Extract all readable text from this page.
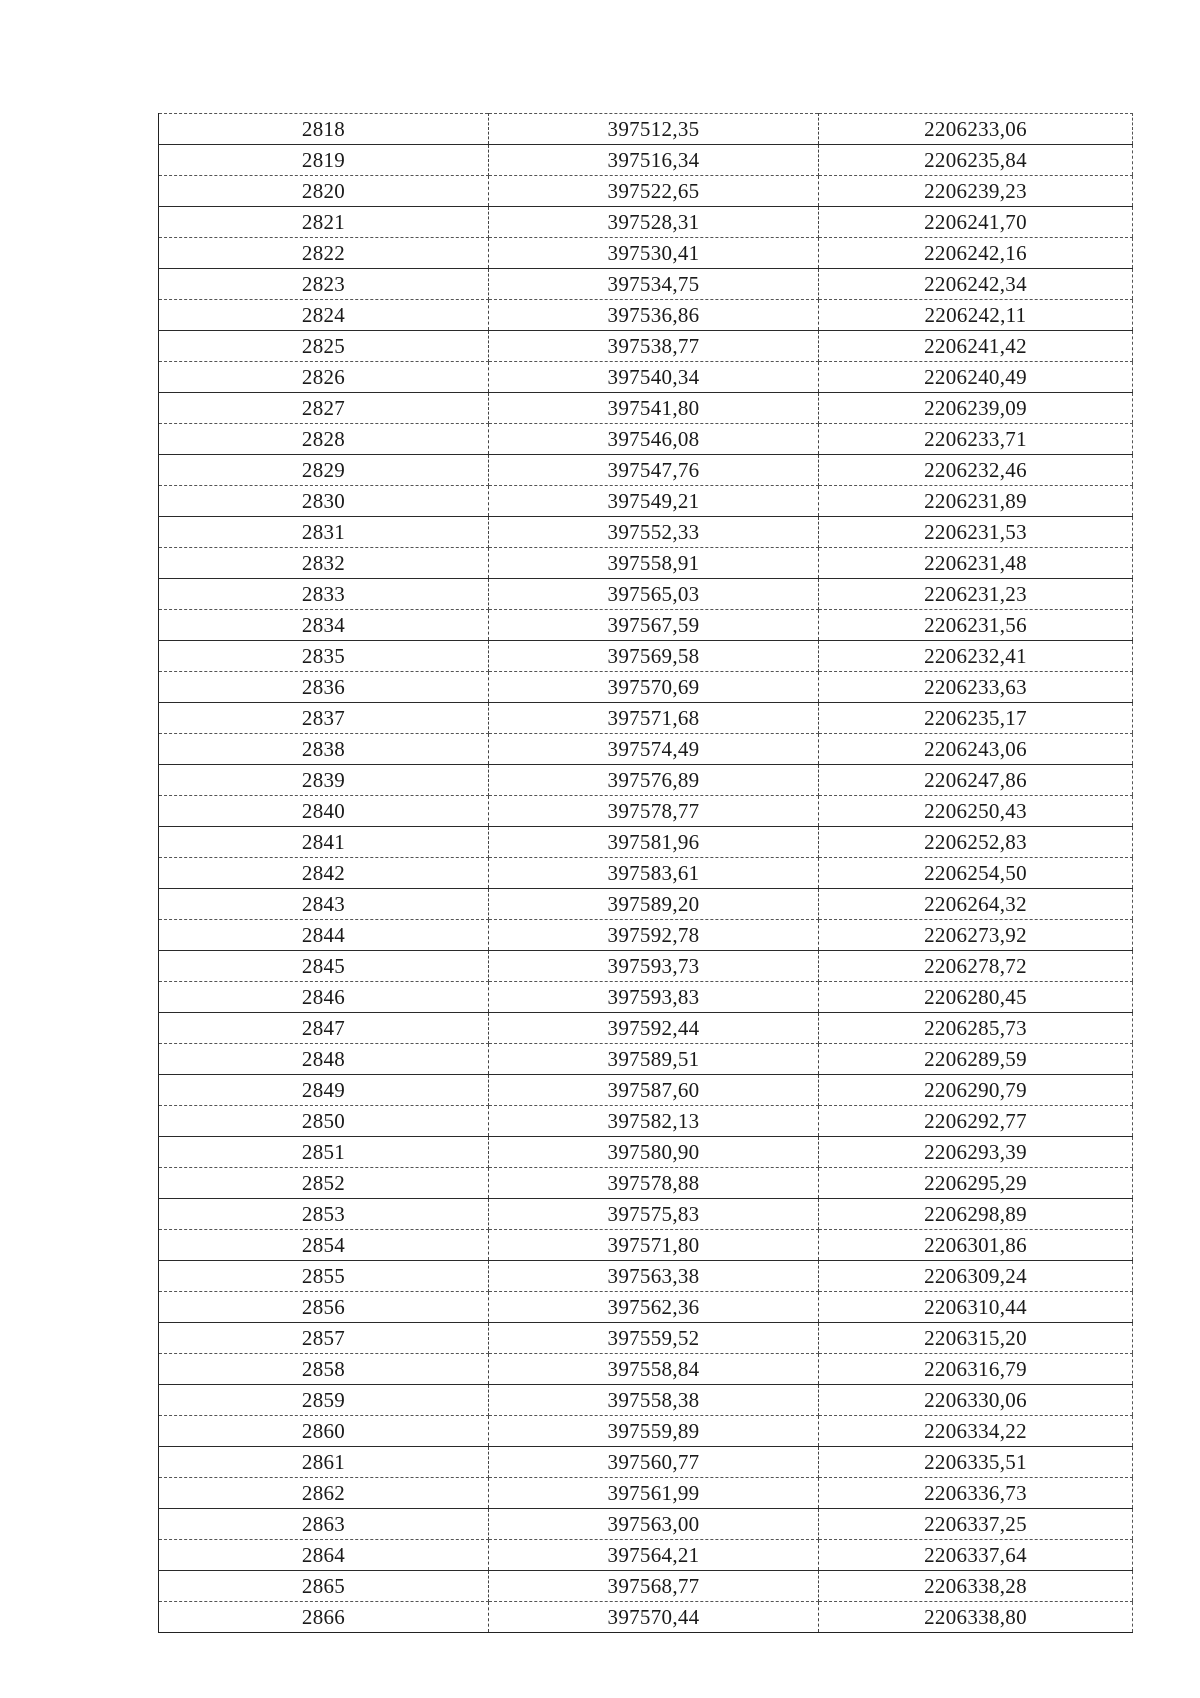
2818	397512,35	2206233,06
2819	397516,34	2206235,84
2820	397522,65	2206239,23
2821	397528,31	2206241,70
2822	397530,41	2206242,16
2823	397534,75	2206242,34
2824	397536,86	2206242,11
2825	397538,77	2206241,42
2826	397540,34	2206240,49
2827	397541,80	2206239,09
2828	397546,08	2206233,71
2829	397547,76	2206232,46
2830	397549,21	2206231,89
2831	397552,33	2206231,53
2832	397558,91	2206231,48
2833	397565,03	2206231,23
2834	397567,59	2206231,56
2835	397569,58	2206232,41
2836	397570,69	2206233,63
2837	397571,68	2206235,17
2838	397574,49	2206243,06
2839	397576,89	2206247,86
2840	397578,77	2206250,43
2841	397581,96	2206252,83
2842	397583,61	2206254,50
2843	397589,20	2206264,32
2844	397592,78	2206273,92
2845	397593,73	2206278,72
2846	397593,83	2206280,45
2847	397592,44	2206285,73
2848	397589,51	2206289,59
2849	397587,60	2206290,79
2850	397582,13	2206292,77
2851	397580,90	2206293,39
2852	397578,88	2206295,29
2853	397575,83	2206298,89
2854	397571,80	2206301,86
2855	397563,38	2206309,24
2856	397562,36	2206310,44
2857	397559,52	2206315,20
2858	397558,84	2206316,79
2859	397558,38	2206330,06
2860	397559,89	2206334,22
2861	397560,77	2206335,51
2862	397561,99	2206336,73
2863	397563,00	2206337,25
2864	397564,21	2206337,64
2865	397568,77	2206338,28
2866	397570,44	2206338,80
